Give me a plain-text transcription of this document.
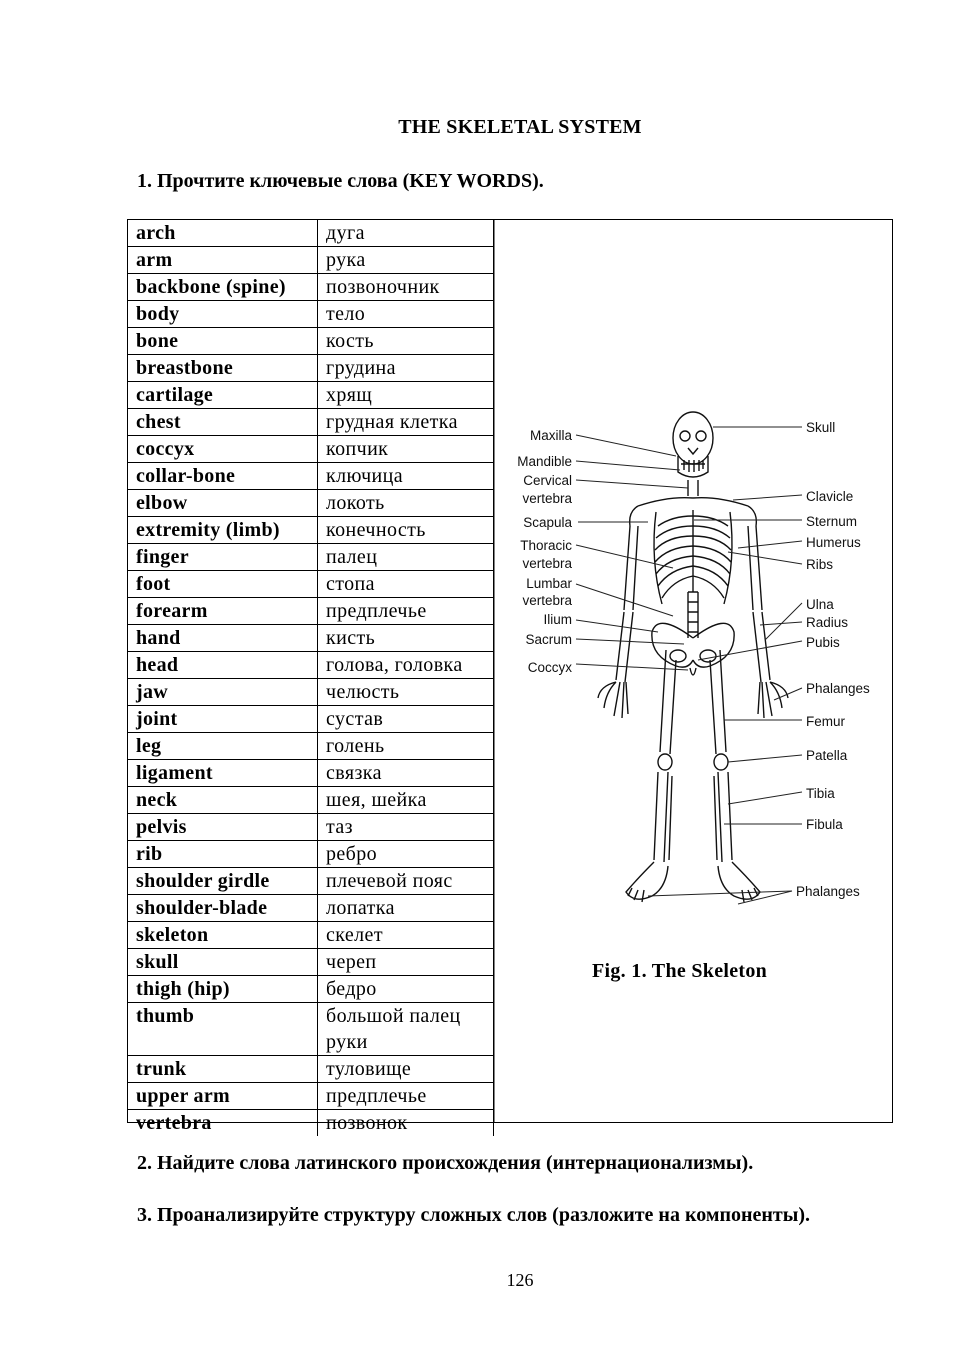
THE SKELETAL SYSTEM
1. Прочтите ключевые слова (KEY WORDS).
arch	дуга
arm	рука
backbone (spine)	позвоночник
body	тело
bone	кость
breastbone	грудина
cartilage	хрящ
chest	грудная клетка
coccyx	копчик
collar-bone	ключица
elbow	локоть
extremity (limb)	конечность
finger	палец
foot	стопа
forearm	предплечье
hand	кисть
head	голова, головка
jaw	челюсть
joint	сустав
leg	голень
ligament	связка
neck	шея, шейка
pelvis	таз
rib	ребро
shoulder girdle	плечевой пояс
shoulder-blade	лопатка
skeleton	скелет
skull	череп
thigh (hip)	бедро
thumb	большой палец руки
trunk	туловище
upper arm	предплечье
vertebra	позвонок
Maxilla
Mandible
Cervical
vertebra
Scapula
Thoracic
vertebra
Lumbar
vertebra
Ilium
Sacrum
Coccyx
Skull
Clavicle
Sternum
Humerus
Ribs
Ulna
Radius
Pubis
Phalanges
Femur
Patella
Tibia
Fibula
Phalanges
Fig. 1. The Skeleton
2. Найдите слова латинского происхождения (интернационализмы).
3. Проанализируйте структуру сложных слов (разложите на компоненты).
126
